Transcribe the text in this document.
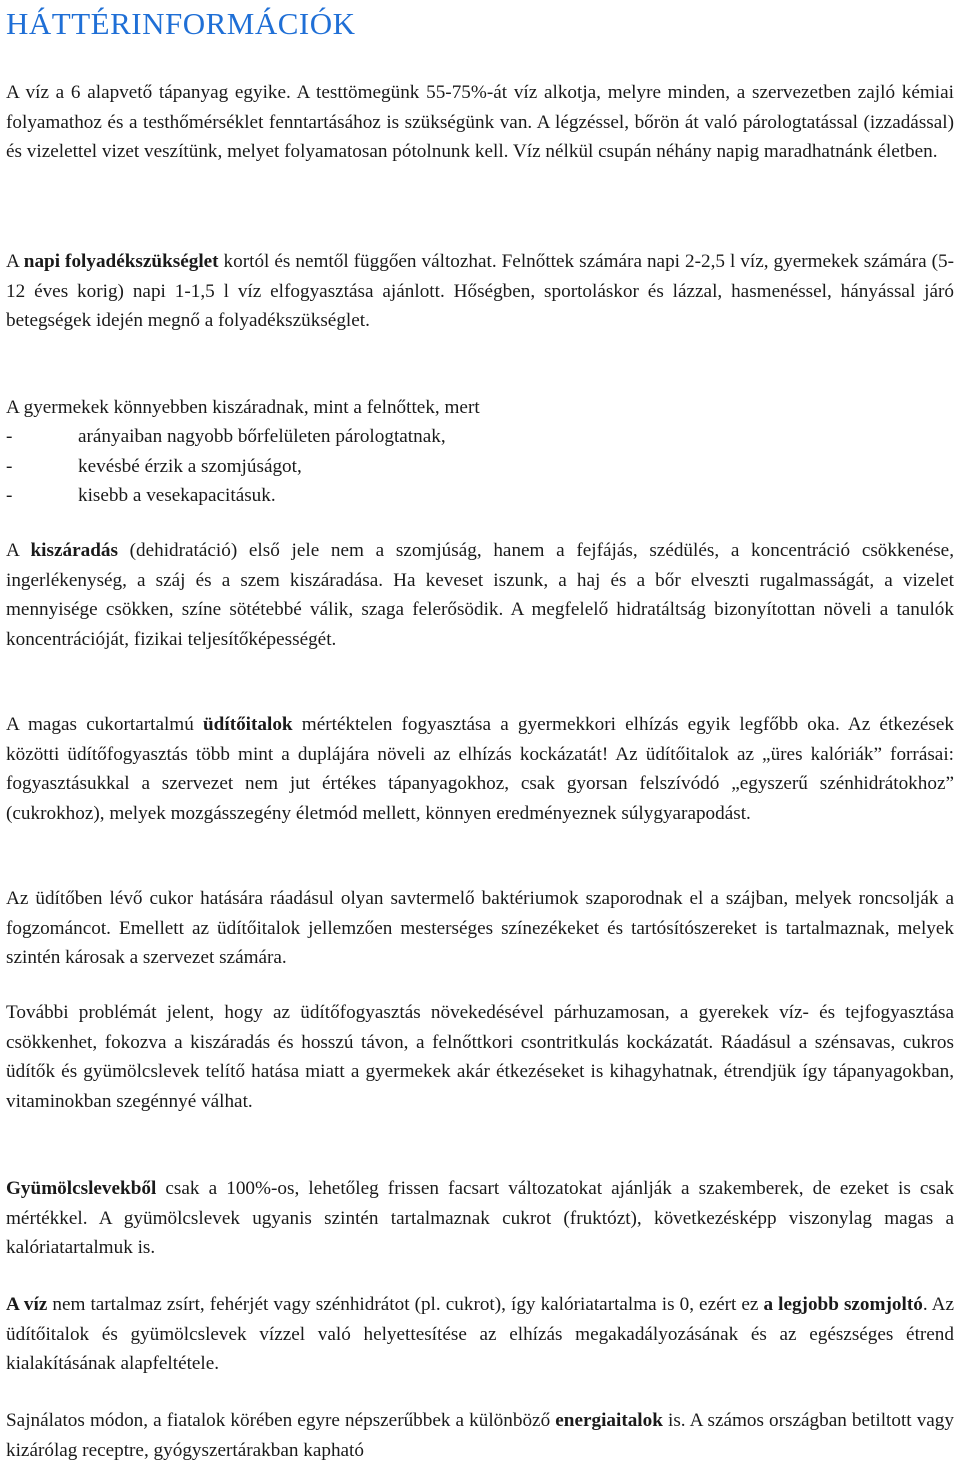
HÁTTÉRINFORMÁCIÓK

A víz a 6 alapvető tápanyag egyike. A testtömegünk 55-75%-át víz alkotja, melyre minden, a szervezetben zajló kémiai folyamathoz és a testhőmérséklet fenntartásához is szükségünk van. A légzéssel, bőrön át való párologtatással (izzadással) és vizelettel vizet veszítünk, melyet folyamatosan pótolnunk kell. Víz nélkül csupán néhány napig maradhatnánk életben.

A napi folyadékszükséglet kortól és nemtől függően változhat. Felnőttek számára napi 2-2,5 l víz, gyermekek számára (5-12 éves korig) napi 1-1,5 l víz elfogyasztása ajánlott. Hőségben, sportoláskor és lázzal, hasmenéssel, hányással járó betegségek idején megnő a folyadékszükséglet.

A gyermekek könnyebben kiszáradnak, mint a felnőttek, mert

-	arányaiban nagyobb bőrfelületen párologtatnak,
-	kevésbé érzik a szomjúságot,
-	kisebb a vesekapacitásuk.

A kiszáradás (dehidratáció) első jele nem a szomjúság, hanem a fejfájás, szédülés, a koncentráció csökkenése, ingerlékenység, a száj és a szem kiszáradása. Ha keveset iszunk, a haj és a bőr elveszti rugalmasságát, a vizelet mennyisége csökken, színe sötétebbé válik, szaga felerősödik. A megfelelő hidratáltság bizonyítottan növeli a tanulók koncentrációját, fizikai teljesítőképességét.

A magas cukortartalmú üdítőitalok mértéktelen fogyasztása a gyermekkori elhízás egyik legfőbb oka. Az étkezések közötti üdítőfogyasztás több mint a duplájára növeli az elhízás kockázatát! Az üdítőitalok az „üres kalóriák” forrásai: fogyasztásukkal a szervezet nem jut értékes tápanyagokhoz, csak gyorsan felszívódó „egyszerű szénhidrátokhoz” (cukrokhoz), melyek mozgásszegény életmód mellett, könnyen eredményeznek súlygyarapodást.

Az üdítőben lévő cukor hatására ráadásul olyan savtermelő baktériumok szaporodnak el a szájban, melyek roncsolják a fogzománcot. Emellett az üdítőitalok jellemzően mesterséges színezékeket és tartósítószereket is tartalmaznak, melyek szintén károsak a szervezet számára.

További problémát jelent, hogy az üdítőfogyasztás növekedésével párhuzamosan, a gyerekek víz- és tejfogyasztása csökkenhet, fokozva a kiszáradás és hosszú távon, a felnőttkori csontritkulás kockázatát. Ráadásul a szénsavas, cukros üdítők és gyümölcslevek telítő hatása miatt a gyermekek akár étkezéseket is kihagyhatnak, étrendjük így tápanyagokban, vitaminokban szegénnyé válhat.

Gyümölcslevekből csak a 100%-os, lehetőleg frissen facsart változatokat ajánlják a szakemberek, de ezeket is csak mértékkel. A gyümölcslevek ugyanis szintén tartalmaznak cukrot (fruktózt), következésképp viszonylag magas a kalóriatartalmuk is.

A víz nem tartalmaz zsírt, fehérjét vagy szénhidrátot (pl. cukrot), így kalóriatartalma is 0, ezért ez a legjobb szomjoltó. Az üdítőitalok és gyümölcslevek vízzel való helyettesítése az elhízás megakadályozásának és az egészséges étrend kialakításának alapfeltétele.

Sajnálatos módon, a fiatalok körében egyre népszerűbbek a különböző energiaitalok is. A számos országban betiltott vagy kizárólag receptre, gyógyszertárakban kapható
